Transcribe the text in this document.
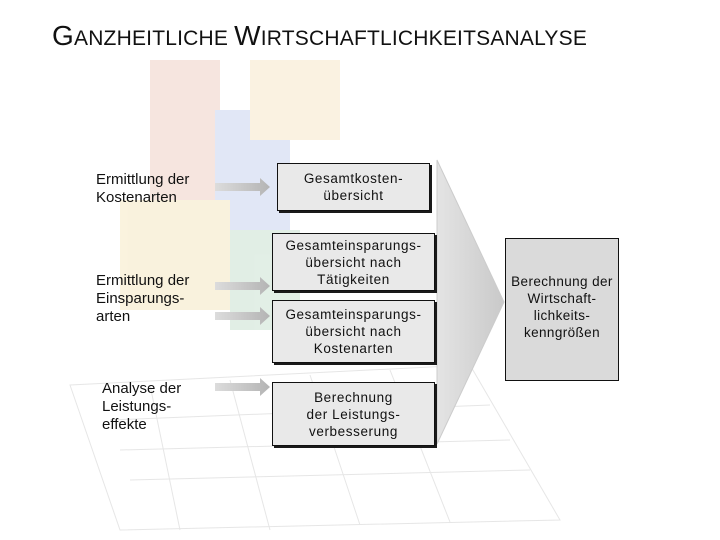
GANZHEITLICHE WIRTSCHAFTLICHKEITSANALYSE
Ermittlung der
Kostenarten
Ermittlung der
Einsparungs-
arten
Analyse der
Leistungs-
effekte
Gesamtkosten-
übersicht
Gesamteinsparungs-
übersicht nach
Tätigkeiten
Gesamteinsparungs-
übersicht nach
Kostenarten
Berechnung
der Leistungs-
verbesserung
Berechnung der
Wirtschaft-
lichkeits-
kenngrößen
